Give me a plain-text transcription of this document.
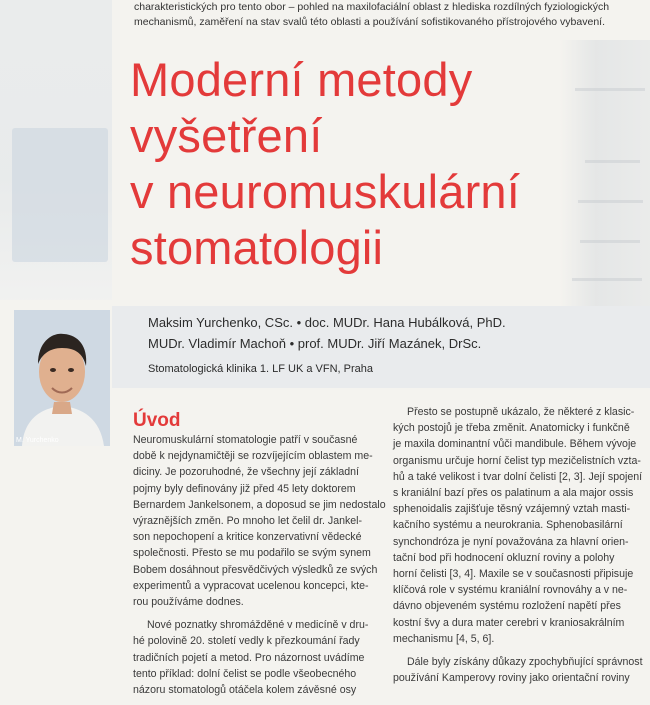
charakteristických pro tento obor – pohled na maxilofaciální oblast z hlediska rozdílných fyziologických
mechanismů, zaměření na stav svalů této oblasti a používání sofistikovaného přístrojového vybavení.
Moderní metody
vyšetření
v neuromuskulární
stomatologii
M. Yurchenko
Maksim Yurchenko, CSc. • doc. MUDr. Hana Hubálková, PhD.
MUDr. Vladimír Machoň • prof. MUDr. Jiří Mazánek, DrSc.
Stomatologická klinika 1. LF UK a VFN, Praha
Úvod
Neuromuskulární stomatologie patří v současné
době k nejdynamičtěji se rozvíjejícím oblastem me-
diciny. Je pozoruhodné, že všechny její základní
pojmy byly definovány již před 45 lety doktorem
Bernardem Jankelsonem, a doposud se jim nedostalo
výraznějších změn. Po mnoho let čelil dr. Jankel-
son nepochopení a kritice konzervativní vědecké
společnosti. Přesto se mu podařilo se svým synem
Bobem dosáhnout přesvědčivých výsledků ze svých
experimentů a vypracovat ucelenou koncepci, kte-
rou používáme dodnes.
Nové poznatky shromážděné v medicíně v dru-
hé polovině 20. století vedly k přezkoumání řady
tradičních pojetí a metod. Pro názornost uvádíme
tento příklad: dolní čelist se podle všeobecného
názoru stomatologů otáčela kolem závěsné osy
Přesto se postupně ukázalo, že některé z klasic-
kých postojů je třeba změnit. Anatomicky i funkčně
je maxila dominantní vůči mandibule. Během vývoje
organismu určuje horní čelist typ mezičelistních vzta-
hů a také velikost i tvar dolní čelisti [2, 3]. Její spojení
s kraniální bazí přes os palatinum a ala major ossis
sphenoidalis zajišťuje těsný vzájemný vztah masti-
kačního systému a neurokrania. Sphenobasilární
synchondróza je nyní považována za hlavní orien-
tační bod při hodnocení okluzní roviny a polohy
horní čelisti [3, 4]. Maxile se v současnosti připisuje
klíčová role v systému kraniální rovnováhy a v ne-
dávno objeveném systému rozložení napětí přes
kostní švy a dura mater cerebri v kraniosakrálním
mechanismu [4, 5, 6].
Dále byly získány důkazy zpochybňující správnost
používání Kamperovy roviny jako orientační roviny
